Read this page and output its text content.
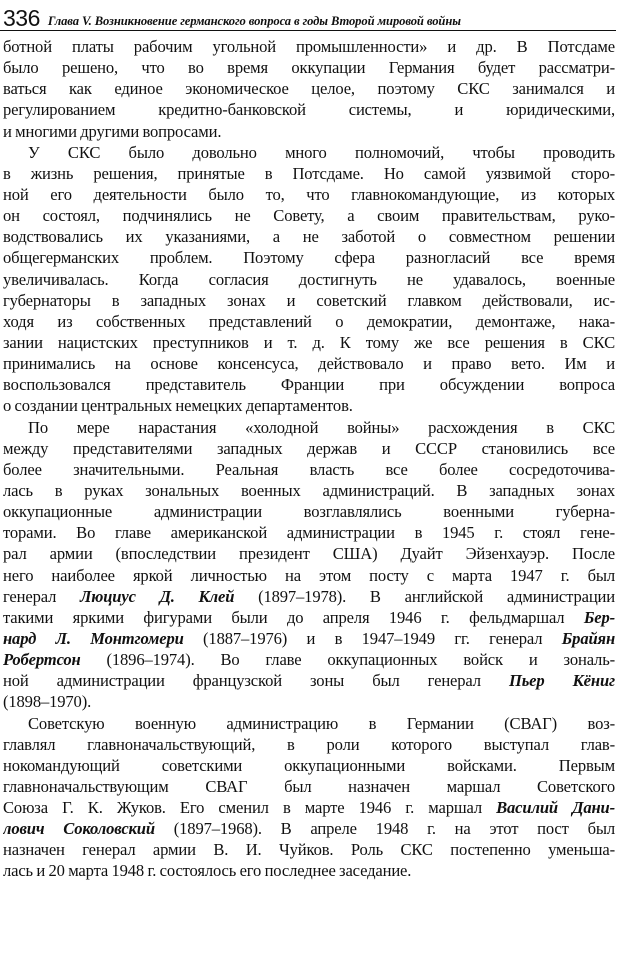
336 Глава V. Возникновение германского вопроса в годы Второй мировой войны
ботной платы рабочим угольной промышленности» и др. В Потсдаме
было решено, что во время оккупации Германия будет рассматри-
ваться как единое экономическое целое, поэтому СКС занимался и
регулированием кредитно-банковской системы, и юридическими,
и многими другими вопросами.
У СКС было довольно много полномочий, чтобы проводить
в жизнь решения, принятые в Потсдаме. Но самой уязвимой сторо-
ной его деятельности было то, что главнокомандующие, из которых
он состоял, подчинялись не Совету, а своим правительствам, руко-
водствовались их указаниями, а не заботой о совместном решении
общегерманских проблем. Поэтому сфера разногласий все время
увеличивалась. Когда согласия достигнуть не удавалось, военные
губернаторы в западных зонах и советский главком действовали, ис-
ходя из собственных представлений о демократии, демонтаже, нака-
зании нацистских преступников и т. д. К тому же все решения в СКС
принимались на основе консенсуса, действовало и право вето. Им и
воспользовался представитель Франции при обсуждении вопроса
о создании центральных немецких департаментов.
По мере нарастания «холодной войны» расхождения в СКС
между представителями западных держав и СССР становились все
более значительными. Реальная власть все более сосредоточива-
лась в руках зональных военных администраций. В западных зонах
оккупационные администрации возглавлялись военными губерна-
торами. Во главе американской администрации в 1945 г. стоял гене-
рал армии (впоследствии президент США) Дуайт Эйзенхауэр. После
него наиболее яркой личностью на этом посту с марта 1947 г. был
генерал Люциус Д. Клей (1897–1978). В английской администрации
такими яркими фигурами были до апреля 1946 г. фельдмаршал Бер-
нард Л. Монтгомери (1887–1976) и в 1947–1949 гг. генерал Брайян
Робертсон (1896–1974). Во главе оккупационных войск и зональ-
ной администрации французской зоны был генерал Пьер Кёниг
(1898–1970).
Советскую военную администрацию в Германии (СВАГ) воз-
главлял главноначальствующий, в роли которого выступал глав-
нокомандующий советскими оккупационными войсками. Первым
главноначальствующим СВАГ был назначен маршал Советского
Союза Г. К. Жуков. Его сменил в марте 1946 г. маршал Василий Дани-
лович Соколовский (1897–1968). В апреле 1948 г. на этот пост был
назначен генерал армии В. И. Чуйков. Роль СКС постепенно уменьша-
лась и 20 марта 1948 г. состоялось его последнее заседание.
